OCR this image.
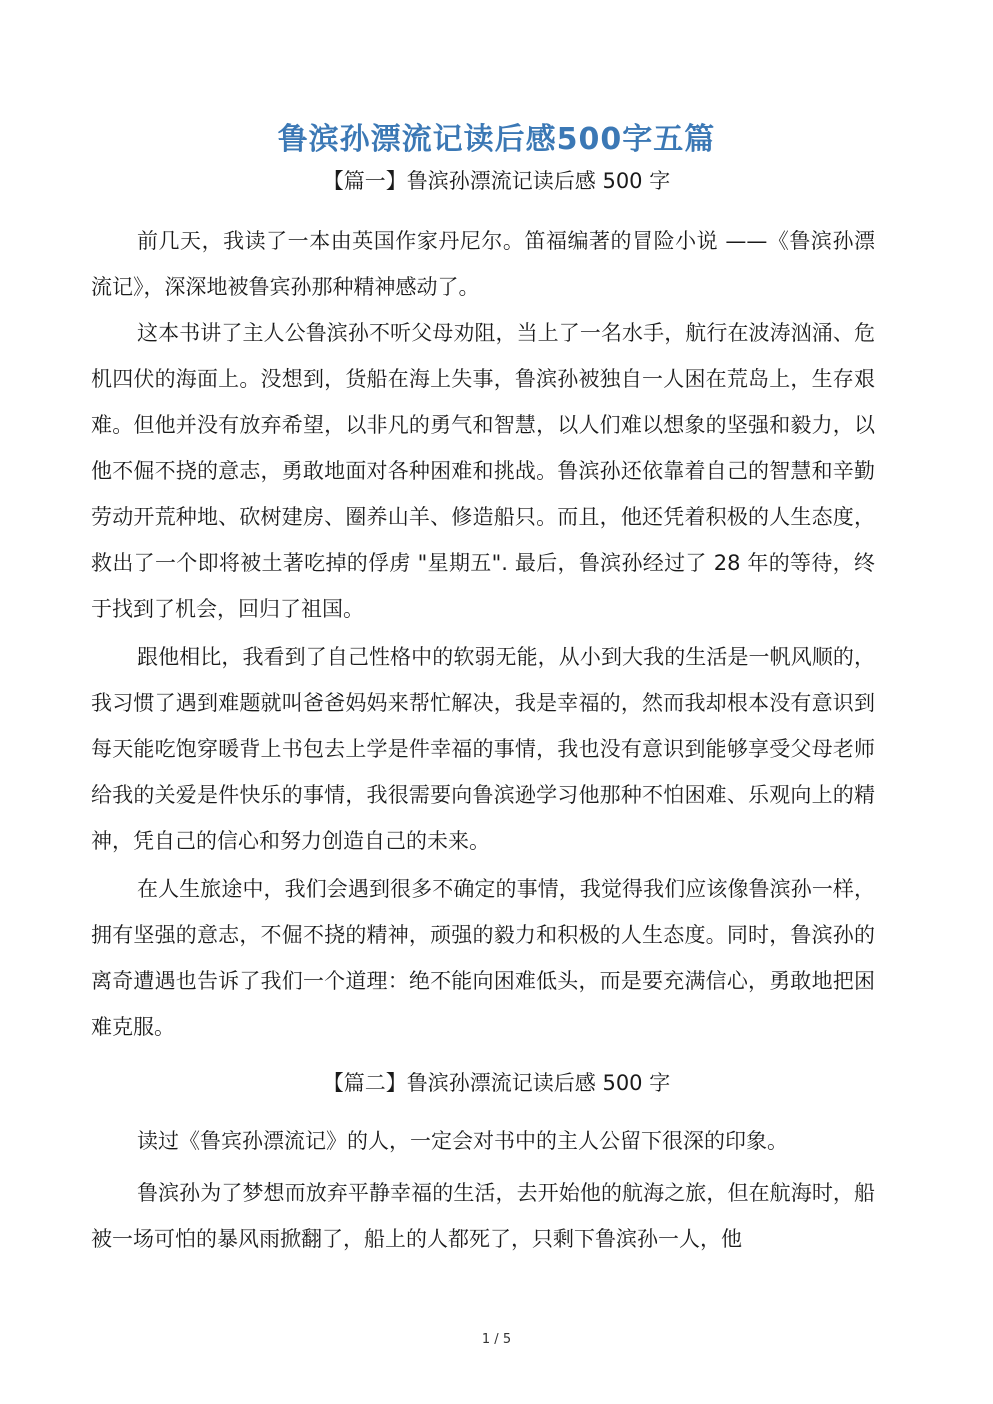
鲁滨孙漂流记读后感500字五篇
【篇一】鲁滨孙漂流记读后感 500 字

前几天，我读了一本由英国作家丹尼尔。笛福编著的冒险小说 ——《鲁滨孙漂流记》，深深地被鲁宾孙那种精神感动了。

这本书讲了主人公鲁滨孙不听父母劝阻，当上了一名水手，航行在波涛汹涌、危机四伏的海面上。没想到，货船在海上失事，鲁滨孙被独自一人困在荒岛上，生存艰难。但他并没有放弃希望，以非凡的勇气和智慧，以人们难以想象的坚强和毅力，以他不倔不挠的意志，勇敢地面对各种困难和挑战。鲁滨孙还依靠着自己的智慧和辛勤劳动开荒种地、砍树建房、圈养山羊、修造船只。而且，他还凭着积极的人生态度，救出了一个即将被土著吃掉的俘虏 "星期五". 最后，鲁滨孙经过了 28 年的等待，终于找到了机会，回归了祖国。

跟他相比，我看到了自己性格中的软弱无能，从小到大我的生活是一帆风顺的，我习惯了遇到难题就叫爸爸妈妈来帮忙解决，我是幸福的，然而我却根本没有意识到每天能吃饱穿暖背上书包去上学是件幸福的事情，我也没有意识到能够享受父母老师给我的关爱是件快乐的事情，我很需要向鲁滨逊学习他那种不怕困难、乐观向上的精神，凭自己的信心和努力创造自己的未来。

在人生旅途中，我们会遇到很多不确定的事情，我觉得我们应该像鲁滨孙一样，拥有坚强的意志，不倔不挠的精神，顽强的毅力和积极的人生态度。同时，鲁滨孙的离奇遭遇也告诉了我们一个道理：绝不能向困难低头，而是要充满信心，勇敢地把困难克服。

【篇二】鲁滨孙漂流记读后感 500 字

读过《鲁宾孙漂流记》的人，一定会对书中的主人公留下很深的印象。

鲁滨孙为了梦想而放弃平静幸福的生活，去开始他的航海之旅，但在航海时，船被一场可怕的暴风雨掀翻了，船上的人都死了，只剩下鲁滨孙一人，他

1 / 5
